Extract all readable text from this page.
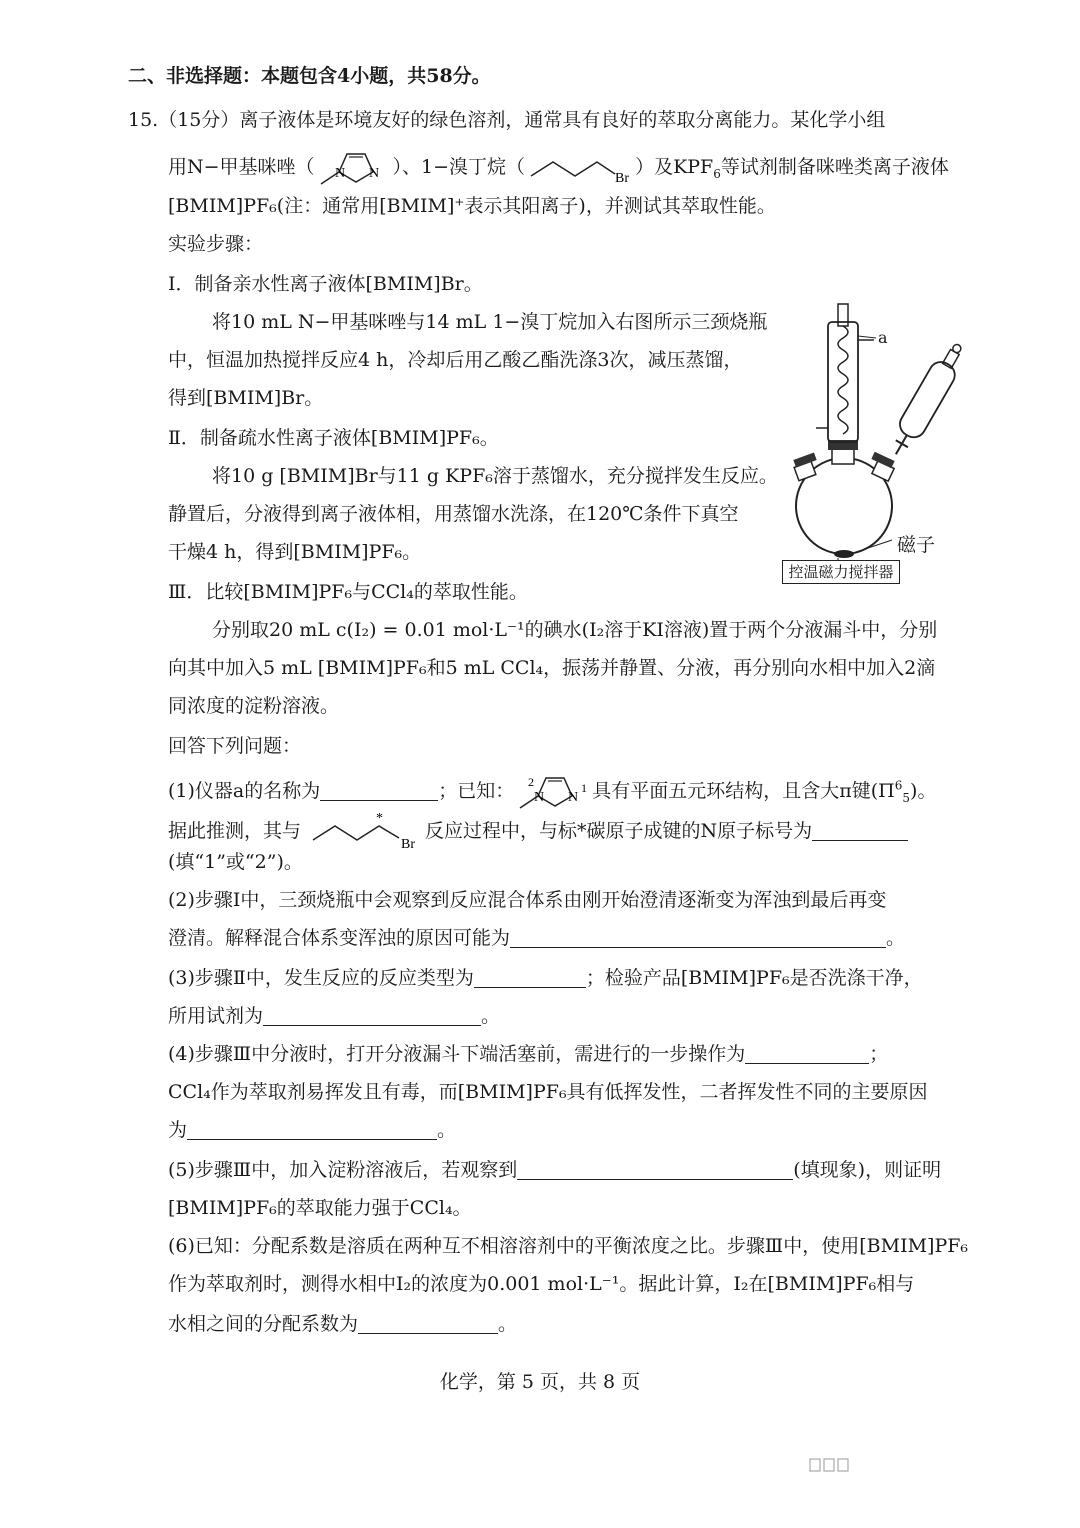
二、非选择题：本题包含4小题，共58分。
15.（15分）离子液体是环境友好的绿色溶剂，通常具有良好的萃取分离能力。某化学小组
用N−甲基咪唑（ N N ）、1−溴丁烷（
Br
）及$KPF_6$等试剂制备咪唑类离子液体
[BMIM]PF₆(注：通常用[BMIM]⁺表示其阳离子)，并测试其萃取性能。
实验步骤：
Ⅰ．制备亲水性离子液体[BMIM]Br。
将10 mL N−甲基咪唑与14 mL 1−溴丁烷加入右图所示三颈烧瓶
中，恒温加热搅拌反应4 h，冷却后用乙酸乙酯洗涤3次，减压蒸馏，
得到[BMIM]Br。
Ⅱ．制备疏水性离子液体[BMIM]PF₆。
将10 g [BMIM]Br与11 g KPF₆溶于蒸馏水，充分搅拌发生反应。
静置后，分液得到离子液体相，用蒸馏水洗涤，在120℃条件下真空
干燥4 h，得到[BMIM]PF₆。
Ⅲ．比较[BMIM]PF₆与CCl₄的萃取性能。
分别取20 mL c(I₂) = 0.01 mol·L⁻¹的碘水(I₂溶于KI溶液)置于两个分液漏斗中，分别
向其中加入5 mL [BMIM]PF₆和5 mL CCl₄，振荡并静置、分液，再分别向水相中加入2滴
同浓度的淀粉溶液。
回答下列问题：
(1)仪器a的名称为	；已知： N N
2	1 具有平面五元环结构，且含大π键$(\Pi^6_5)$。
据此推测，其与
*
Br
反应过程中，与标*碳原子成键的N原子标号为
(填“1”或“2”)。
(2)步骤Ⅰ中，三颈烧瓶中会观察到反应混合体系由刚开始澄清逐渐变为浑浊到最后再变
澄清。解释混合体系变浑浊的原因可能为	。
(3)步骤Ⅱ中，发生反应的反应类型为	；检验产品[BMIM]PF₆是否洗涤干净，
所用试剂为	。
(4)步骤Ⅲ中分液时，打开分液漏斗下端活塞前，需进行的一步操作为	；
CCl₄作为萃取剂易挥发且有毒，而[BMIM]PF₆具有低挥发性，二者挥发性不同的主要原因
为	。
(5)步骤Ⅲ中，加入淀粉溶液后，若观察到	(填现象)，则证明
[BMIM]PF₆的萃取能力强于CCl₄。
(6)已知：分配系数是溶质在两种互不相溶溶剂中的平衡浓度之比。步骤Ⅲ中，使用[BMIM]PF₆
作为萃取剂时，测得水相中I₂的浓度为0.001 mol·L⁻¹。据此计算，I₂在[BMIM]PF₆相与
水相之间的分配系数为	。
a
磁子
控温磁力搅拌器
化学，第 5 页，共 8 页
